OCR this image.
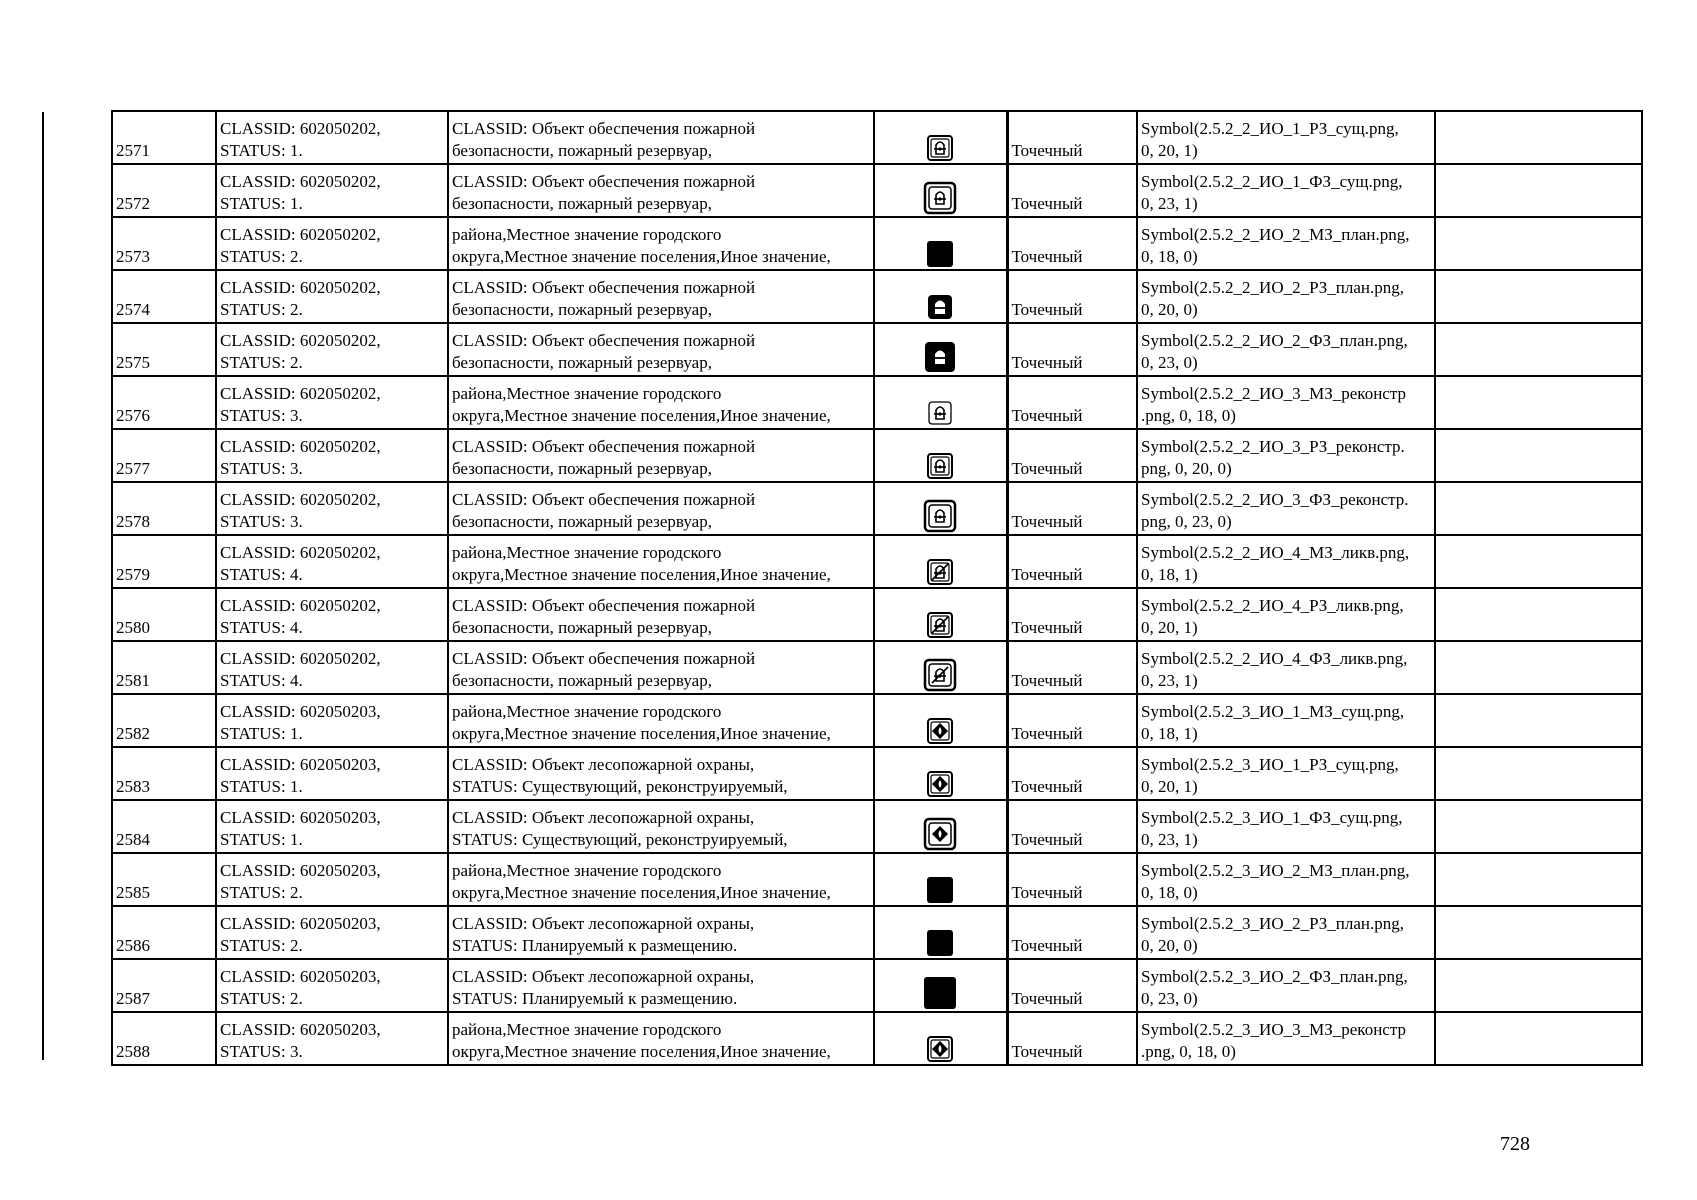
2571	CLASSID: 602050202,
STATUS: 1.	CLASSID: Объект обеспечения пожарной
безопасности, пожарный резервуар,		Точечный	Symbol(2.5.2_2_ИО_1_РЗ_сущ.png,
0, 20, 1)	

2572	CLASSID: 602050202,
STATUS: 1.	CLASSID: Объект обеспечения пожарной
безопасности, пожарный резервуар,		Точечный	Symbol(2.5.2_2_ИО_1_ФЗ_сущ.png,
0, 23, 1)	

2573	CLASSID: 602050202,
STATUS: 2.	района,Местное значение городского
округа,Местное значение поселения,Иное значение,		Точечный	Symbol(2.5.2_2_ИО_2_МЗ_план.png,
0, 18, 0)	

2574	CLASSID: 602050202,
STATUS: 2.	CLASSID: Объект обеспечения пожарной
безопасности, пожарный резервуар,		Точечный	Symbol(2.5.2_2_ИО_2_РЗ_план.png,
0, 20, 0)	

2575	CLASSID: 602050202,
STATUS: 2.	CLASSID: Объект обеспечения пожарной
безопасности, пожарный резервуар,		Точечный	Symbol(2.5.2_2_ИО_2_ФЗ_план.png,
0, 23, 0)	

2576	CLASSID: 602050202,
STATUS: 3.	района,Местное значение городского
округа,Местное значение поселения,Иное значение,		Точечный	Symbol(2.5.2_2_ИО_3_МЗ_реконстр
.png, 0, 18, 0)	

2577	CLASSID: 602050202,
STATUS: 3.	CLASSID: Объект обеспечения пожарной
безопасности, пожарный резервуар,		Точечный	Symbol(2.5.2_2_ИО_3_РЗ_реконстр.
png, 0, 20, 0)	

2578	CLASSID: 602050202,
STATUS: 3.	CLASSID: Объект обеспечения пожарной
безопасности, пожарный резервуар,		Точечный	Symbol(2.5.2_2_ИО_3_ФЗ_реконстр.
png, 0, 23, 0)	

2579	CLASSID: 602050202,
STATUS: 4.	района,Местное значение городского
округа,Местное значение поселения,Иное значение,		Точечный	Symbol(2.5.2_2_ИО_4_МЗ_ликв.png,
0, 18, 1)	

2580	CLASSID: 602050202,
STATUS: 4.	CLASSID: Объект обеспечения пожарной
безопасности, пожарный резервуар,		Точечный	Symbol(2.5.2_2_ИО_4_РЗ_ликв.png,
0, 20, 1)	

2581	CLASSID: 602050202,
STATUS: 4.	CLASSID: Объект обеспечения пожарной
безопасности, пожарный резервуар,		Точечный	Symbol(2.5.2_2_ИО_4_ФЗ_ликв.png,
0, 23, 1)	

2582	CLASSID: 602050203,
STATUS: 1.	района,Местное значение городского
округа,Местное значение поселения,Иное значение,		Точечный	Symbol(2.5.2_3_ИО_1_МЗ_сущ.png,
0, 18, 1)	

2583	CLASSID: 602050203,
STATUS: 1.	CLASSID: Объект лесопожарной охраны,
STATUS: Существующий, реконструируемый,		Точечный	Symbol(2.5.2_3_ИО_1_РЗ_сущ.png,
0, 20, 1)	

2584	CLASSID: 602050203,
STATUS: 1.	CLASSID: Объект лесопожарной охраны,
STATUS: Существующий, реконструируемый,		Точечный	Symbol(2.5.2_3_ИО_1_ФЗ_сущ.png,
0, 23, 1)	

2585	CLASSID: 602050203,
STATUS: 2.	района,Местное значение городского
округа,Местное значение поселения,Иное значение,		Точечный	Symbol(2.5.2_3_ИО_2_МЗ_план.png,
0, 18, 0)	

2586	CLASSID: 602050203,
STATUS: 2.	CLASSID: Объект лесопожарной охраны,
STATUS: Планируемый к размещению.		Точечный	Symbol(2.5.2_3_ИО_2_РЗ_план.png,
0, 20, 0)	

2587	CLASSID: 602050203,
STATUS: 2.	CLASSID: Объект лесопожарной охраны,
STATUS: Планируемый к размещению.		Точечный	Symbol(2.5.2_3_ИО_2_ФЗ_план.png,
0, 23, 0)	

2588	CLASSID: 602050203,
STATUS: 3.	района,Местное значение городского
округа,Местное значение поселения,Иное значение,		Точечный	Symbol(2.5.2_3_ИО_3_МЗ_реконстр
.png, 0, 18, 0)	

728
